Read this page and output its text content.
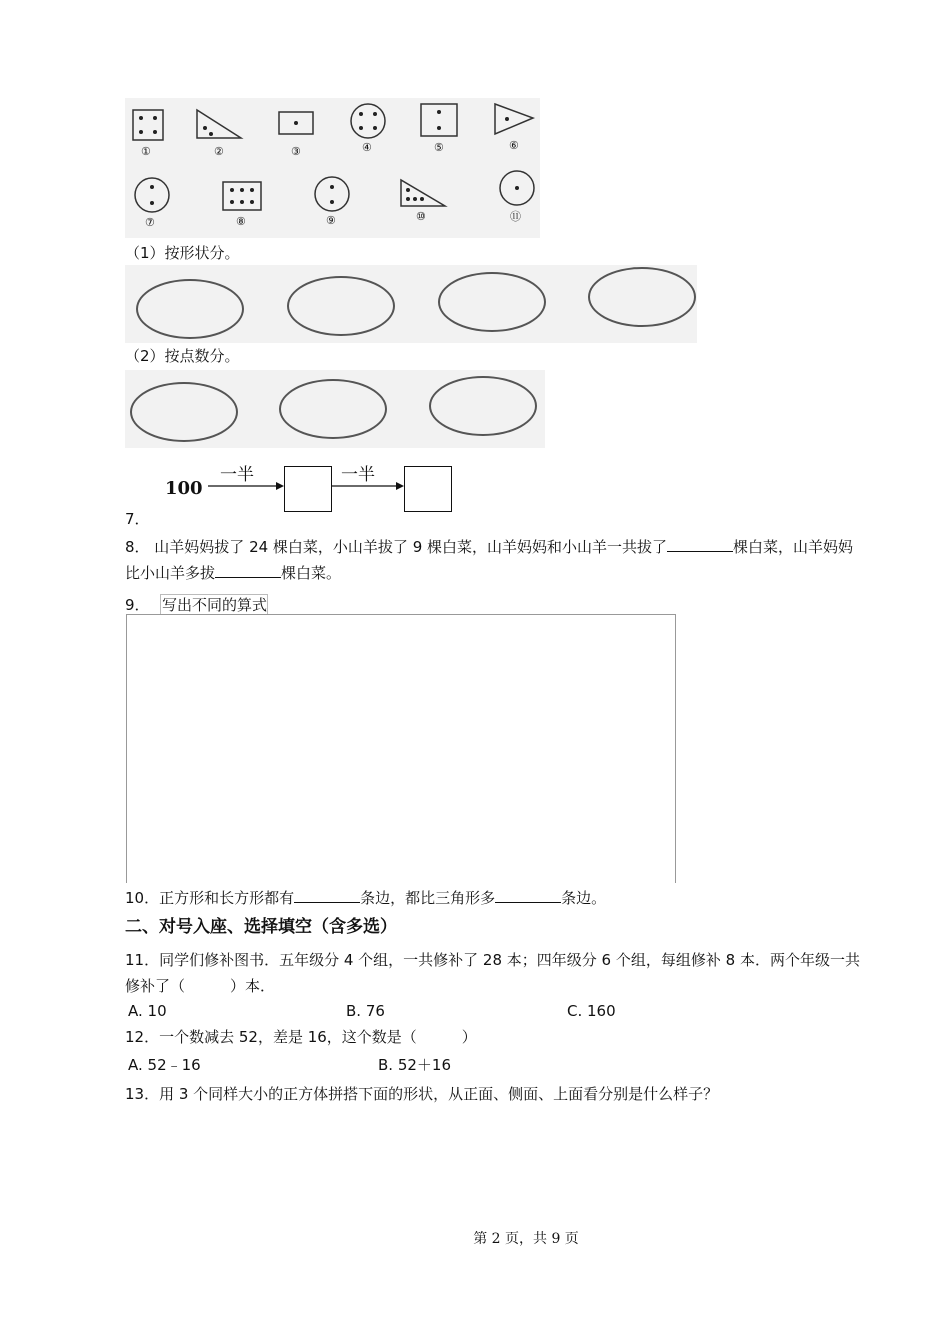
①	②	③	④	⑤	⑥
⑦	⑧	⑨	⑩	⑪
（1）按形状分。
（2）按点数分。
100
一半	一半
7．
8． 山羊妈妈拔了 24 棵白菜，小山羊拔了 9 棵白菜，山羊妈妈和小山羊一共拔了	棵白菜，山羊妈妈
比小山羊多拔	棵白菜。
9． 写出不同的算式
10．正方形和长方形都有	条边，都比三角形多	条边。
二、对号入座、选择填空（含多选）
11．同学们修补图书．五年级分 4 个组，一共修补了 28 本；四年级分 6 个组，每组修补 8 本．两个年级一共
修补了（　　　）本．
A. 10	B. 76	C. 160
12．一个数减去 52，差是 16，这个数是（　　　）
A. 52﹣16	B. 52＋16
13．用 3 个同样大小的正方体拼搭下面的形状，从正面、侧面、上面看分别是什么样子？
第 2 页，共 9 页
